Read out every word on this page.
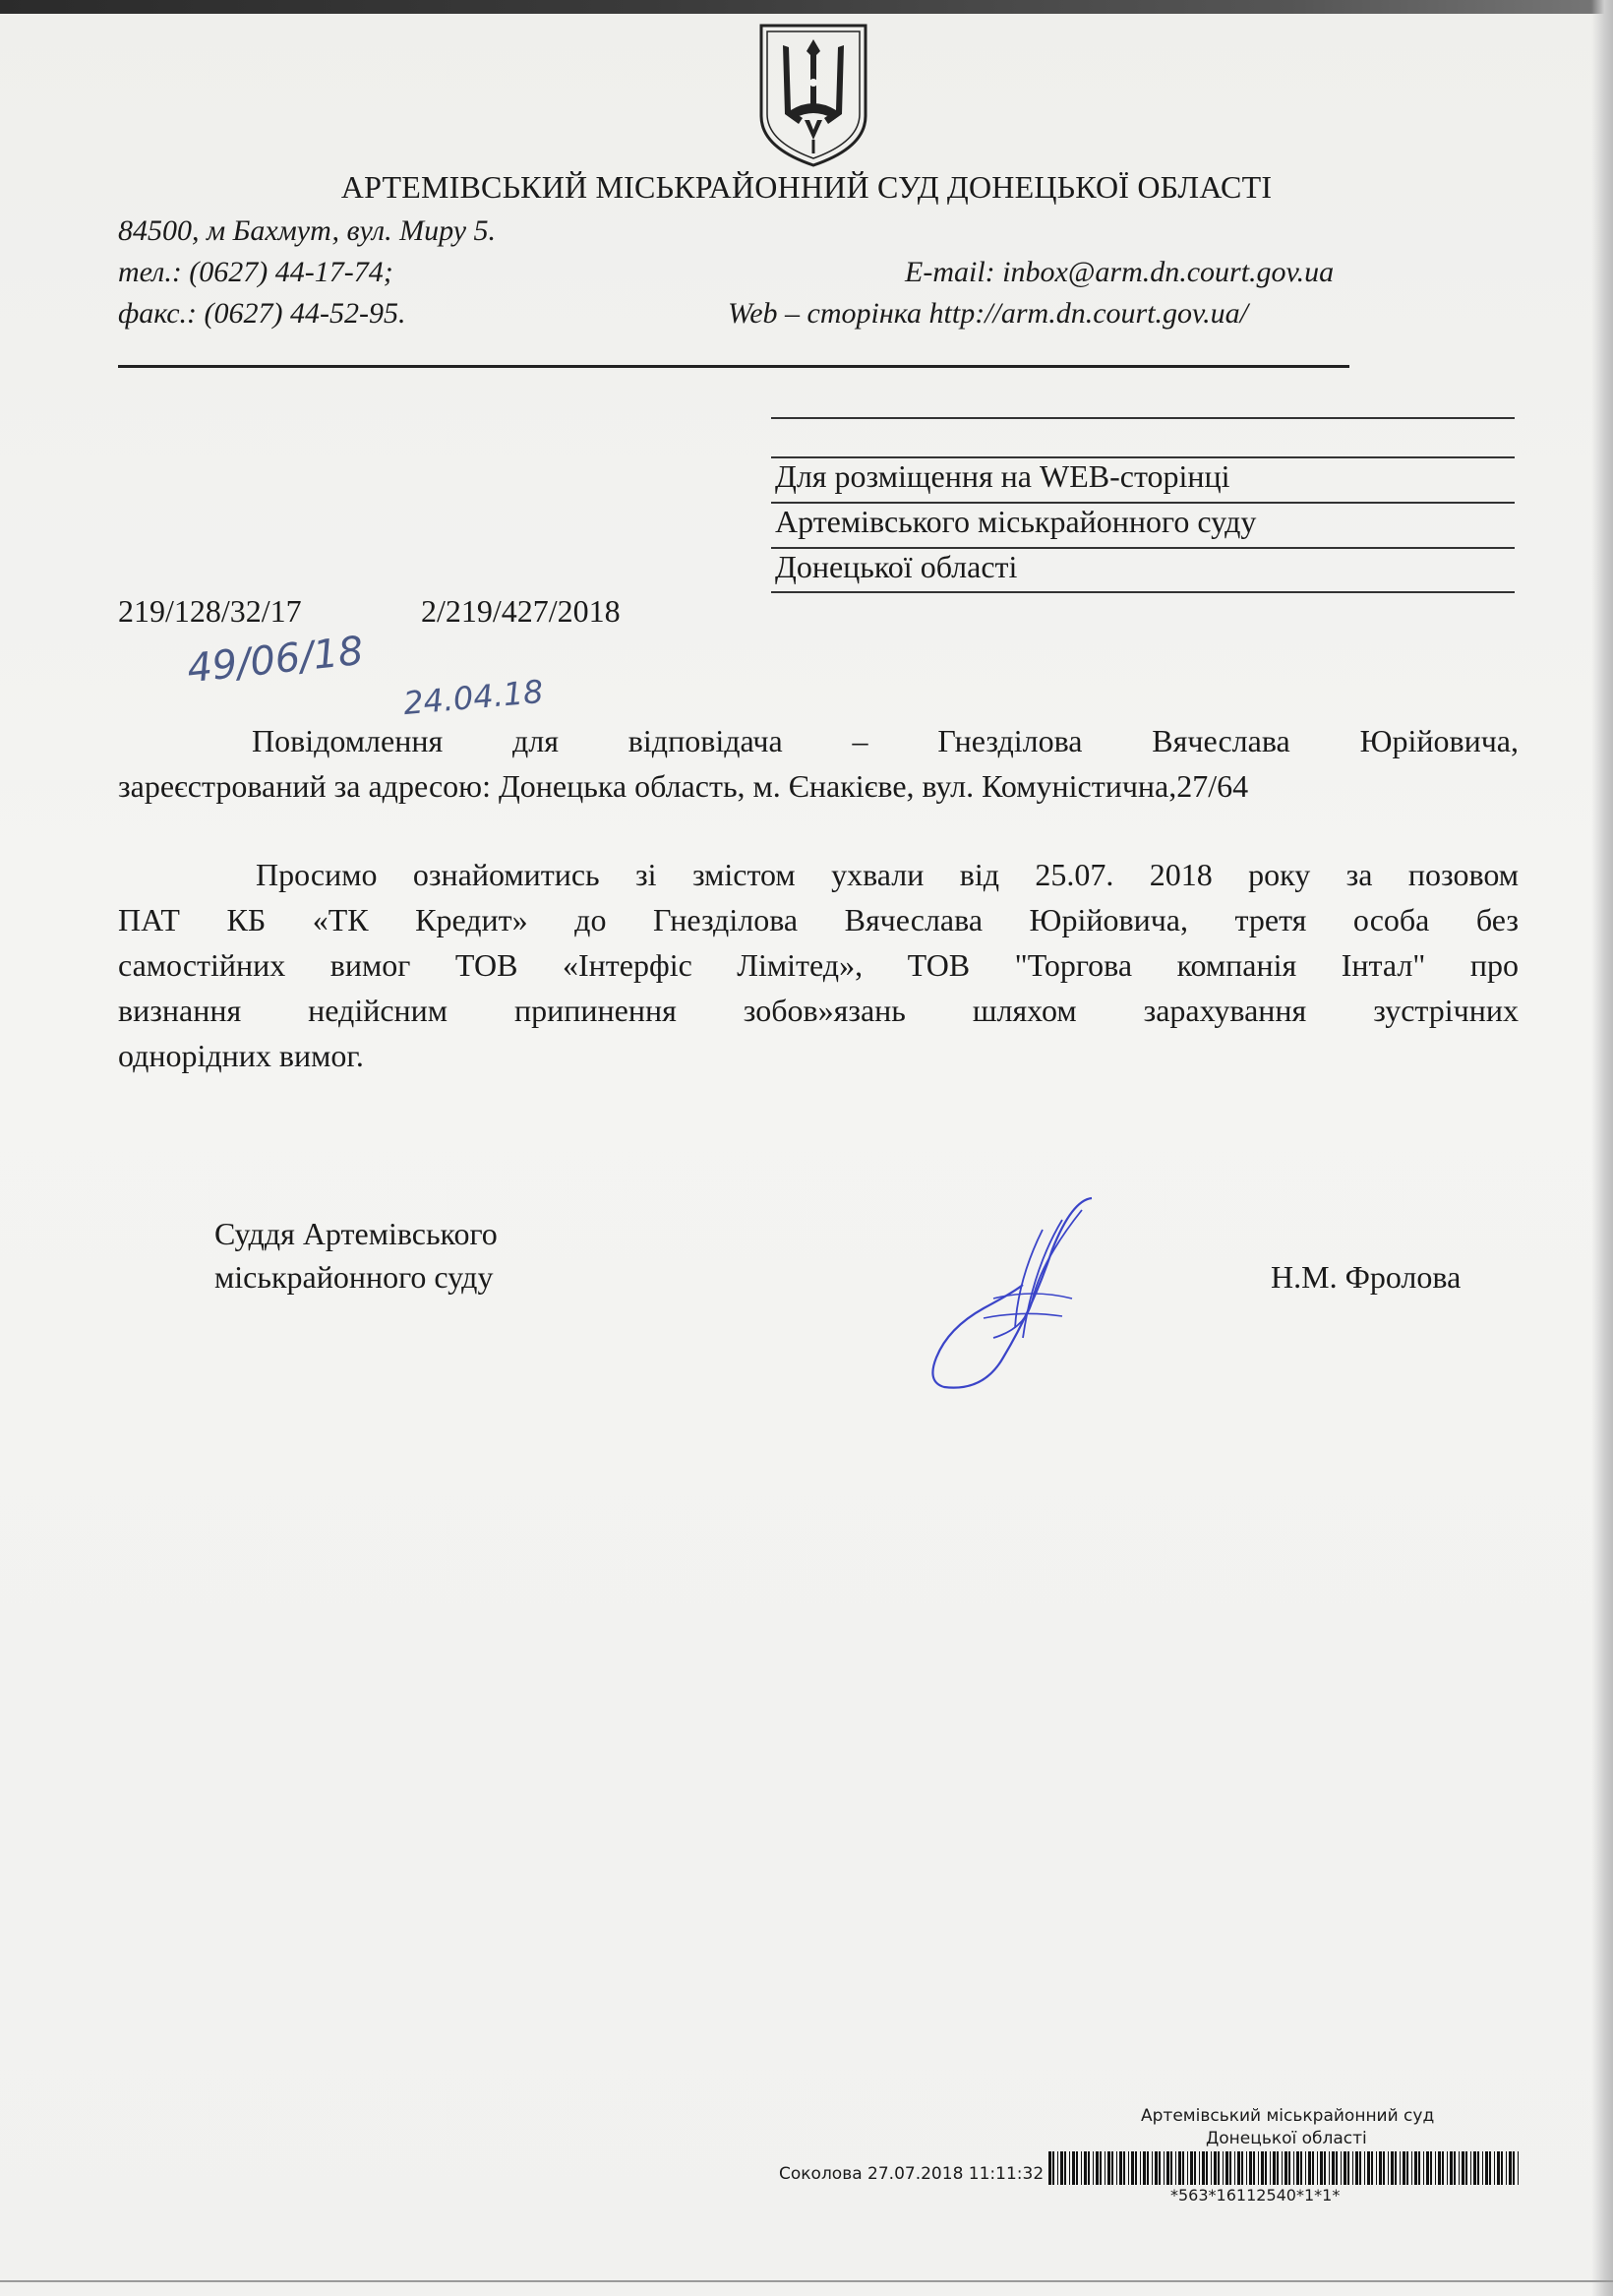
АРТЕМІВСЬКИЙ МІСЬКРАЙОННИЙ СУД ДОНЕЦЬКОЇ ОБЛАСТІ
84500, м Бахмут, вул. Миру 5.
тел.: (0627) 44-17-74;
факс.: (0627) 44-52-95.
E-mail: inbox@arm.dn.court.gov.ua
Web – сторінка http://arm.dn.court.gov.ua/
Для розміщення на WEB-сторінці
Артемівського міськрайонного суду
Донецької області
219/128/32/17	2/219/427/2018
49/06/18
24.04.18
Повідомлення для відповідача – Гнезділова Вячеслава Юрійовича,
зареєстрований за адресою: Донецька область, м. Єнакієве, вул. Комуністична,27/64
Просимо ознайомитись зі змістом ухвали від 25.07. 2018 року за позовом
ПАТ КБ «ТК Кредит» до Гнезділова Вячеслава Юрійовича, третя особа без
самостійних вимог ТОВ «Інтерфіс Лімітед», ТОВ "Торгова компанія Інтал" про
визнання недійсним припинення зобов»язань шляхом зарахування зустрічних
однорідних вимог.
Суддя Артемівського
міськрайонного суду	Н.М. Фролова
Артемівський міськрайонний суд
Донецької області
Соколова 27.07.2018 11:11:32
*563*16112540*1*1*
